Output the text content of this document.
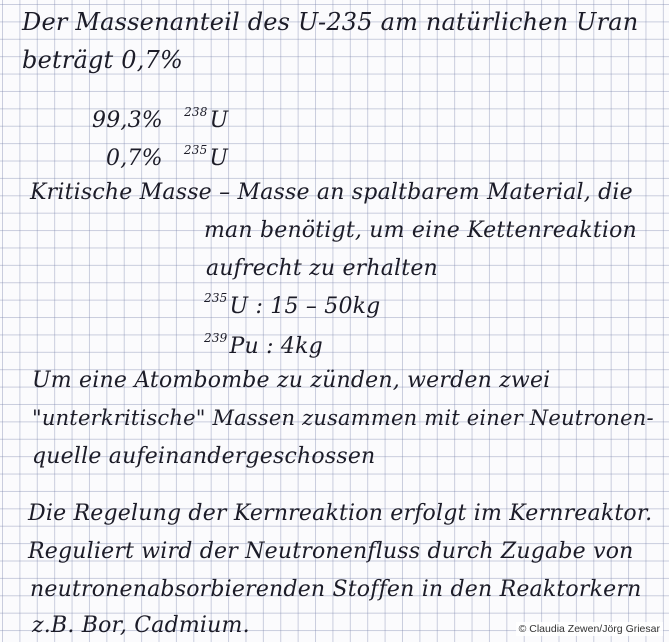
Der Massenanteil des U-235 am natürlichen Uran
beträgt 0,7%
99,3% $^{238}$U
0,7% $^{235}$U
Kritische Masse – Masse an spaltbarem Material, die
man benötigt, um eine Kettenreaktion
aufrecht zu erhalten
$^{235}$U : 15 – 50kg
$^{239}$Pu : 4kg
Um eine Atombombe zu zünden, werden zwei
"unterkritische" Massen zusammen mit einer Neutronen-
quelle aufeinandergeschossen
Die Regelung der Kernreaktion erfolgt im Kernreaktor.
Reguliert wird der Neutronenfluss durch Zugabe von
neutronenabsorbierenden Stoffen in den Reaktorkern
z.B. Bor, Cadmium.	© Claudia Zewen/Jörg Griesar
